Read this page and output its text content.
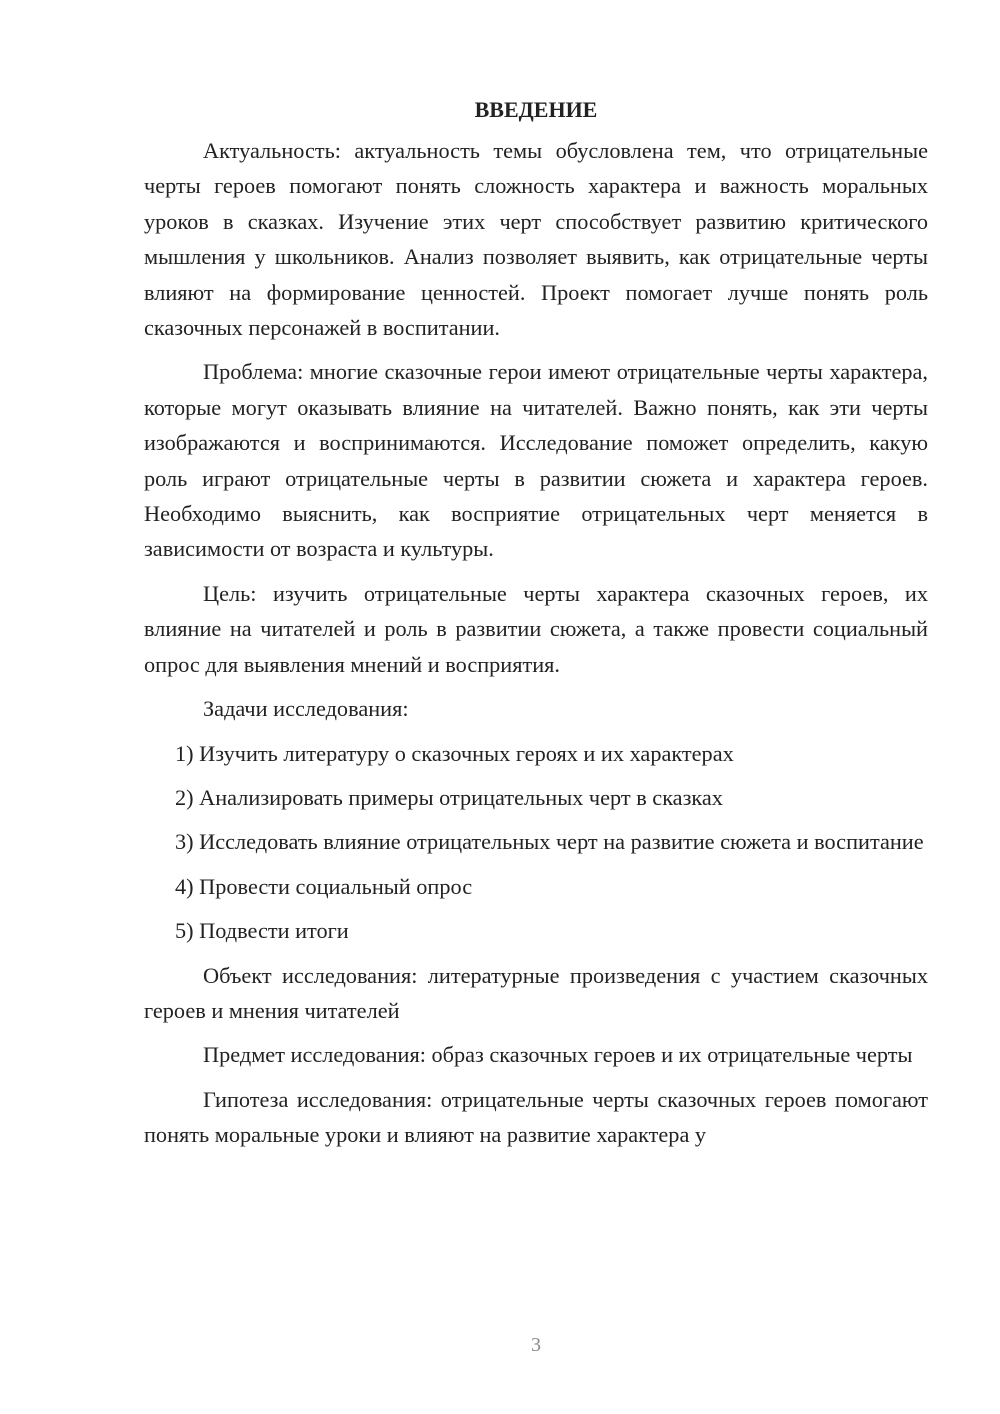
ВВЕДЕНИЕ

Актуальность: актуальность темы обусловлена тем, что отрицательные черты героев помогают понять сложность характера и важность моральных уроков в сказках. Изучение этих черт способствует развитию критического мышления у школьников. Анализ позволяет выявить, как отрицательные черты влияют на формирование ценностей. Проект помогает лучше понять роль сказочных персонажей в воспитании.

Проблема: многие сказочные герои имеют отрицательные черты характера, которые могут оказывать влияние на читателей. Важно понять, как эти черты изображаются и воспринимаются. Исследование поможет определить, какую роль играют отрицательные черты в развитии сюжета и характера героев. Необходимо выяснить, как восприятие отрицательных черт меняется в зависимости от возраста и культуры.

Цель: изучить отрицательные черты характера сказочных героев, их влияние на читателей и роль в развитии сюжета, а также провести социальный опрос для выявления мнений и восприятия.

Задачи исследования:

1) Изучить литературу о сказочных героях и их характерах

2) Анализировать примеры отрицательных черт в сказках

3) Исследовать влияние отрицательных черт на развитие сюжета и воспитание

4) Провести социальный опрос

5) Подвести итоги

Объект исследования: литературные произведения с участием сказочных героев и мнения читателей

Предмет исследования: образ сказочных героев и их отрицательные черты

Гипотеза исследования: отрицательные черты сказочных героев помогают понять моральные уроки и влияют на развитие характера у

3
